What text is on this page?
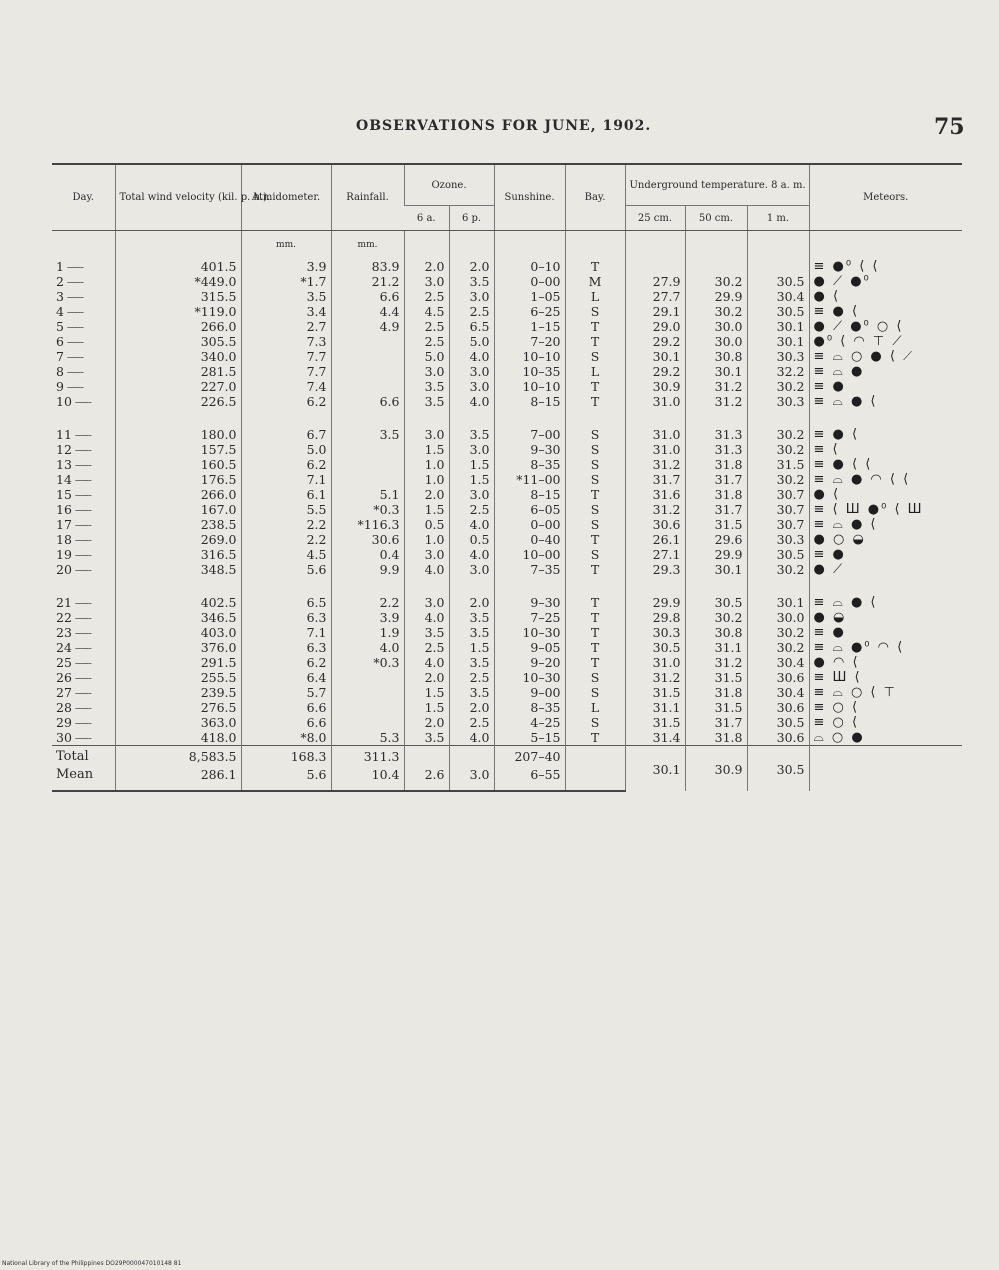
OBSERVATIONS FOR JUNE, 1902.	75
Day.	Total wind velocity (kil. p. h.).	Atmidometer.	Rainfall.	Ozone.		Sunshine.	Bay.	Underground temperature. 8 a. m.			Meteors.
				6 a.	6 p.			25 cm.	50 cm.	1 m.	
		mm.	mm.								
1 -----	401.5	3.9	83.9	2.0	2.0	0–10	T				≡ ●⁰ ⟨ ⟨
2 -----	*449.0	*1.7	21.2	3.0	3.5	0–00	M	27.9	30.2	30.5	● ⟋ ●⁰
3 -----	315.5	3.5	6.6	2.5	3.0	1–05	L	27.7	29.9	30.4	● ⟨
4 -----	*119.0	3.4	4.4	4.5	2.5	6–25	S	29.1	30.2	30.5	≡ ● ⟨
5 -----	266.0	2.7	4.9	2.5	6.5	1–15	T	29.0	30.0	30.1	● ⟋ ●⁰ ○ ⟨
6 -----	305.5	7.3		2.5	5.0	7–20	T	29.2	30.0	30.1	●⁰ ⟨ ◠ ⊤ ⟋
7 -----	340.0	7.7		5.0	4.0	10–10	S	30.1	30.8	30.3	≡ ⌓ ○ ● ⟨ ⟋
8 -----	281.5	7.7		3.0	3.0	10–35	L	29.2	30.1	32.2	≡ ⌓ ●
9 -----	227.0	7.4		3.5	3.0	10–10	T	30.9	31.2	30.2	≡ ●
10 -----	226.5	6.2	6.6	3.5	4.0	8–15	T	31.0	31.2	30.3	≡ ⌓ ● ⟨

11 -----	180.0	6.7	3.5	3.0	3.5	7–00	S	31.0	31.3	30.2	≡ ● ⟨
12 -----	157.5	5.0		1.5	3.0	9–30	S	31.0	31.3	30.2	≡ ⟨
13 -----	160.5	6.2		1.0	1.5	8–35	S	31.2	31.8	31.5	≡ ● ⟨ ⟨
14 -----	176.5	7.1		1.0	1.5	*11–00	S	31.7	31.7	30.2	≡ ⌓ ● ◠ ⟨ ⟨
15 -----	266.0	6.1	5.1	2.0	3.0	8–15	T	31.6	31.8	30.7	● ⟨
16 -----	167.0	5.5	*0.3	1.5	2.5	6–05	S	31.2	31.7	30.7	≡ ⟨ Ш ●⁰ ⟨ Ш
17 -----	238.5	2.2	*116.3	0.5	4.0	0–00	S	30.6	31.5	30.7	≡ ⌓ ● ⟨
18 -----	269.0	2.2	30.6	1.0	0.5	0–40	T	26.1	29.6	30.3	● ○ ◒
19 -----	316.5	4.5	0.4	3.0	4.0	10–00	S	27.1	29.9	30.5	≡ ●
20 -----	348.5	5.6	9.9	4.0	3.0	7–35	T	29.3	30.1	30.2	● ⟋

21 -----	402.5	6.5	2.2	3.0	2.0	9–30	T	29.9	30.5	30.1	≡ ⌓ ● ⟨
22 -----	346.5	6.3	3.9	4.0	3.5	7–25	T	29.8	30.2	30.0	● ◒
23 -----	403.0	7.1	1.9	3.5	3.5	10–30	T	30.3	30.8	30.2	≡ ●
24 -----	376.0	6.3	4.0	2.5	1.5	9–05	T	30.5	31.1	30.2	≡ ⌓ ●⁰ ◠ ⟨
25 -----	291.5	6.2	*0.3	4.0	3.5	9–20	T	31.0	31.2	30.4	● ◠ ⟨
26 -----	255.5	6.4		2.0	2.5	10–30	S	31.2	31.5	30.6	≡ Ш ⟨
27 -----	239.5	5.7		1.5	3.5	9–00	S	31.5	31.8	30.4	≡ ⌓ ○ ⟨ ⊤
28 -----	276.5	6.6		1.5	2.0	8–35	L	31.1	31.5	30.6	≡ ○ ⟨
29 -----	363.0	6.6		2.0	2.5	4–25	S	31.5	31.7	30.5	≡ ○ ⟨
30 -----	418.0	*8.0	5.3	3.5	4.0	5–15	T	31.4	31.8	30.6	⌓ ○ ●
Total	8,583.5	168.3	311.3			207–40		30.1	30.9	30.5	
Mean	286.1	5.6	10.4	2.6	3.0	6–55					
National Library of the Philippines DO29P000047010148 81
